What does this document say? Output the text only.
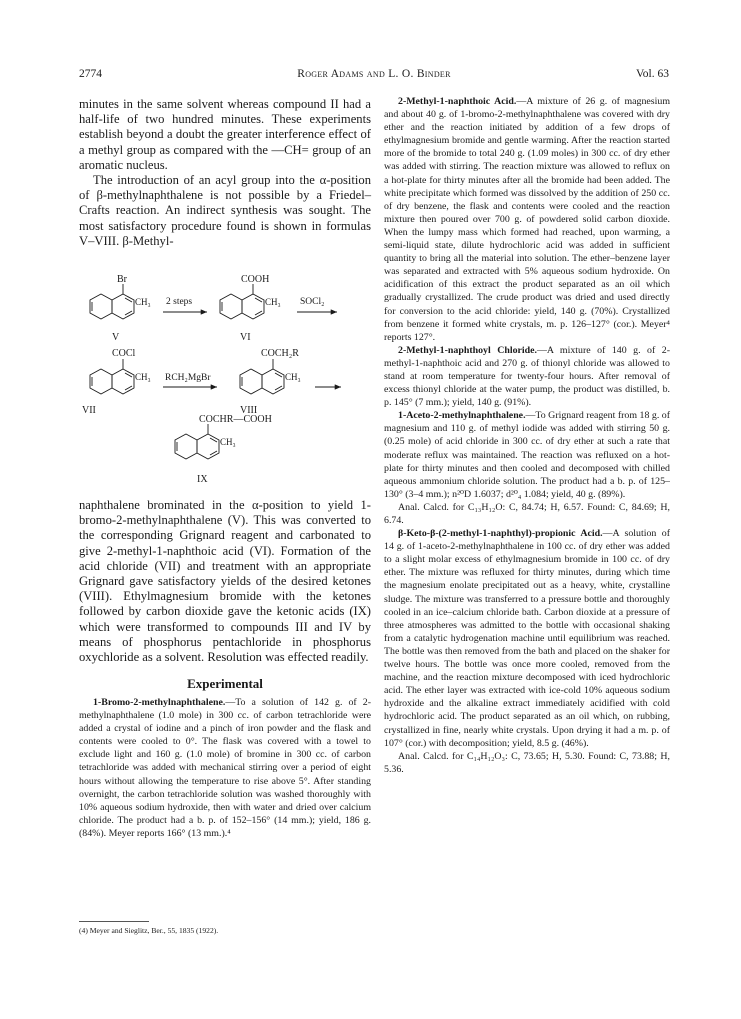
2774	Roger Adams and L. O. Binder	Vol. 63

minutes in the same solvent whereas compound II had a half-life of two hundred minutes. These experiments establish beyond a doubt the greater interference effect of a methyl group as compared with the —CH= group of an aromatic nucleus.

The introduction of an acyl group into the α-position of β-methylnaphthalene is not possible by a Friedel–Crafts reaction. An indirect synthesis was sought. The most satisfactory procedure found is shown in formulas V–VIII. β-Methyl-

Br
CH₃
V
2 steps
COOH
CH₃
VI
SOCl₂
COCl
CH₃
VII
RCH₂MgBr
COCH₂R
CH₃
VIII
COCHR—COOH
CH₃
IX

naphthalene brominated in the α-position to yield 1-bromo-2-methylnaphthalene (V). This was converted to the corresponding Grignard reagent and carbonated to give 2-methyl-1-naphthoic acid (VI). Formation of the acid chloride (VII) and treatment with an appropriate Grignard gave satisfactory yields of the desired ketones (VIII). Ethylmagnesium bromide with the ketones followed by carbon dioxide gave the ketonic acids (IX) which were transformed to compounds III and IV by means of phosphorus pentachloride in phosphorus oxychloride as a solvent. Resolution was effected readily.

Experimental

1-Bromo-2-methylnaphthalene.—To a solution of 142 g. of 2-methylnaphthalene (1.0 mole) in 300 cc. of carbon tetrachloride were added a crystal of iodine and a pinch of iron powder and the flask and contents were cooled to 0°. The flask was covered with a towel to exclude light and 160 g. (1.0 mole) of bromine in 300 cc. of carbon tetrachloride was added with mechanical stirring over a period of eight hours without allowing the temperature to rise above 5°. After standing overnight, the carbon tetrachloride solution was washed thoroughly with 10% aqueous sodium hydroxide, then with water and dried over calcium chloride. The product had a b. p. of 152–156° (14 mm.); yield, 186 g. (84%). Meyer reports 166° (13 mm.).⁴

(4) Meyer and Sieglitz, Ber., 55, 1835 (1922).

2-Methyl-1-naphthoic Acid.—A mixture of 26 g. of magnesium and about 40 g. of 1-bromo-2-methylnaphthalene was covered with dry ether and the reaction initiated by addition of a few drops of ethylmagnesium bromide and gentle warming. After the reaction started more of the bromide to total 240 g. (1.09 moles) in 300 cc. of dry ether was added with stirring. The reaction mixture was allowed to reflux on a hot-plate for thirty minutes after all the bromide had been added. The white precipitate which formed was dissolved by the addition of 250 cc. of dry benzene, the flask and contents were cooled and the reaction mixture then poured over 700 g. of powdered solid carbon dioxide. When the lumpy mass which formed had reached, upon warming, a semi-liquid state, dilute hydrochloric acid was added in sufficient quantity to bring all the material into solution. The ether–benzene layer was separated and extracted with 5% aqueous sodium hydroxide. On acidification of this extract the product separated as an oil which gradually crystallized. The crude product was dried and used directly for conversion to the acid chloride: yield, 140 g. (70%). Crystallized from benzene it formed white crystals, m. p. 126–127° (cor.). Meyer⁴ reports 127°.

2-Methyl-1-naphthoyl Chloride.—A mixture of 140 g. of 2-methyl-1-naphthoic acid and 270 g. of thionyl chloride was allowed to stand at room temperature for twenty-four hours. After removal of excess thionyl chloride at the water pump, the product was distilled, b. p. 145° (7 mm.); yield, 140 g. (91%).

1-Aceto-2-methylnaphthalene.—To Grignard reagent from 18 g. of magnesium and 110 g. of methyl iodide was added with stirring 50 g. (0.25 mole) of acid chloride in 300 cc. of dry ether at such a rate that moderate reflux was maintained. The reaction was refluxed on a hot-plate for thirty minutes and then cooled and decomposed with chilled aqueous ammonium chloride solution. The product had a b. p. of 125–130° (3–4 mm.); n²⁰D 1.6037; d²⁰₄ 1.084; yield, 40 g. (89%).

Anal. Calcd. for C₁₃H₁₂O: C, 84.74; H, 6.57. Found: C, 84.69; H, 6.74.

β-Keto-β-(2-methyl-1-naphthyl)-propionic Acid.—A solution of 14 g. of 1-aceto-2-methylnaphthalene in 100 cc. of dry ether was added to a slight molar excess of ethylmagnesium bromide in 100 cc. of dry ether. The mixture was refluxed for thirty minutes, during which time the magnesium enolate precipitated out as a heavy, white, crystalline sludge. The mixture was transferred to a pressure bottle and thoroughly cooled in an ice–calcium chloride bath. Carbon dioxide at a pressure of three atmospheres was admitted to the bottle with occasional shaking from a catalytic hydrogenation machine until equilibrium was reached. The bottle was then removed from the bath and placed on the shaker for twelve hours. The bottle was once more cooled, removed from the machine, and the reaction mixture decomposed with iced hydrochloric acid. The ether layer was extracted with ice-cold 10% aqueous sodium hydroxide and the alkaline extract immediately acidified with cold hydrochloric acid. The product separated as an oil which, on rubbing, crystallized in fine, nearly white crystals. Upon drying it had a m. p. of 107° (cor.) with decomposition; yield, 8.5 g. (46%).

Anal. Calcd. for C₁₄H₁₂O₃: C, 73.65; H, 5.30. Found: C, 73.88; H, 5.36.
